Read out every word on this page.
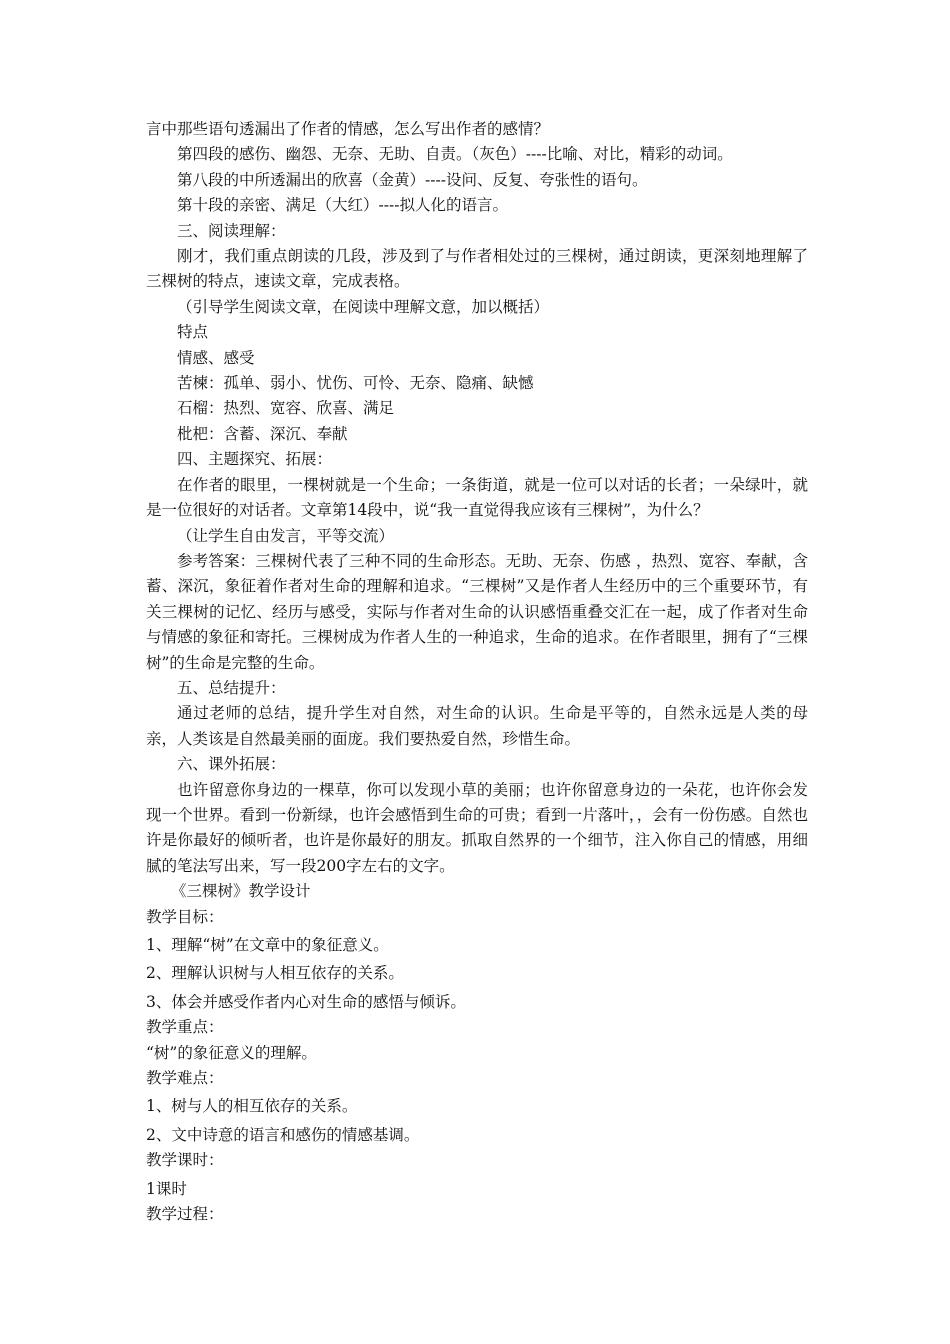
言中那些语句透漏出了作者的情感，怎么写出作者的感情？

第四段的感伤、幽怨、无奈、无助、自责。（灰色）----比喻、对比，精彩的动词。

第八段的中所透漏出的欣喜（金黄）----设问、反复、夸张性的语句。

第十段的亲密、满足（大红）----拟人化的语言。

三、阅读理解：

刚才，我们重点朗读的几段，涉及到了与作者相处过的三棵树，通过朗读，更深刻地理解了三棵树的特点，速读文章，完成表格。

（引导学生阅读文章，在阅读中理解文意，加以概括）

特点

情感、感受

苦楝：孤单、弱小、忧伤、可怜、无奈、隐痛、缺憾

石榴：热烈、宽容、欣喜、满足

枇杷：含蓄、深沉、奉献

四、主题探究、拓展：

在作者的眼里，一棵树就是一个生命；一条街道，就是一位可以对话的长者；一朵绿叶，就是一位很好的对话者。文章第14段中，说“我一直觉得我应该有三棵树”，为什么？

（让学生自由发言，平等交流）

参考答案：三棵树代表了三种不同的生命形态。无助、无奈、伤感 ，热烈、宽容、奉献，含蓄、深沉，象征着作者对生命的理解和追求。“三棵树”又是作者人生经历中的三个重要环节，有关三棵树的记忆、经历与感受，实际与作者对生命的认识感悟重叠交汇在一起，成了作者对生命与情感的象征和寄托。三棵树成为作者人生的一种追求，生命的追求。在作者眼里，拥有了“三棵树”的生命是完整的生命。

五、总结提升：

通过老师的总结，提升学生对自然，对生命的认识。生命是平等的，自然永远是人类的母亲，人类该是自然最美丽的面庞。我们要热爱自然，珍惜生命。

六、课外拓展：

也许留意你身边的一棵草，你可以发现小草的美丽；也许你留意身边的一朵花，也许你会发现一个世界。看到一份新绿，也许会感悟到生命的可贵；看到一片落叶，，会有一份伤感。自然也许是你最好的倾听者，也许是你最好的朋友。抓取自然界的一个细节，注入你自己的情感，用细腻的笔法写出来，写一段200字左右的文字。

《三棵树》教学设计

教学目标：

1、理解“树”在文章中的象征意义。

2、理解认识树与人相互依存的关系。

3、体会并感受作者内心对生命的感悟与倾诉。

教学重点：

“树”的象征意义的理解。

教学难点：

1、树与人的相互依存的关系。

2、文中诗意的语言和感伤的情感基调。

教学课时：

1课时

教学过程：
